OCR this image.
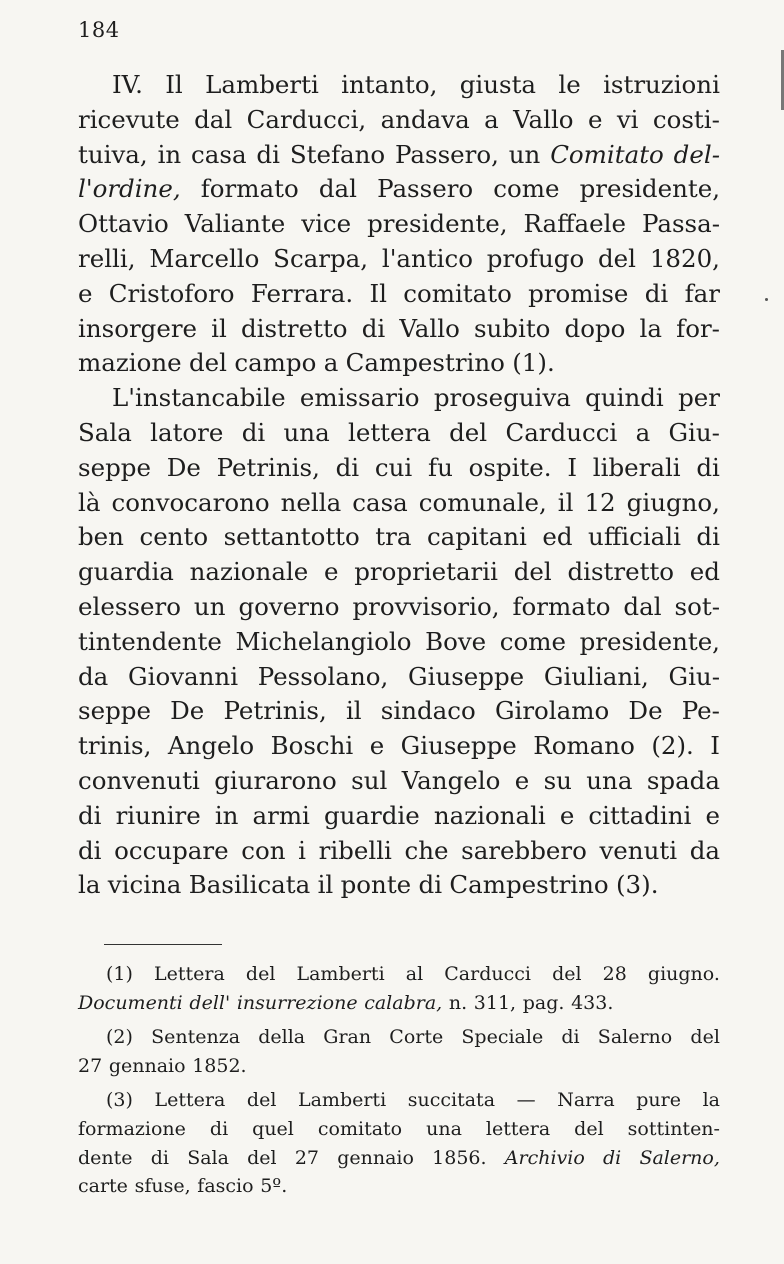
184
IV. Il Lamberti intanto, giusta le istruzioni
ricevute dal Carducci, andava a Vallo e vi costi-
tuiva, in casa di Stefano Passero, un Comitato del-
l'ordine, formato dal Passero come presidente,
Ottavio Valiante vice presidente, Raffaele Passa-
relli, Marcello Scarpa, l'antico profugo del 1820,
e Cristoforo Ferrara. Il comitato promise di far
insorgere il distretto di Vallo subito dopo la for-
mazione del campo a Campestrino (1).
L'instancabile emissario proseguiva quindi per
Sala latore di una lettera del Carducci a Giu-
seppe De Petrinis, di cui fu ospite. I liberali di
là convocarono nella casa comunale, il 12 giugno,
ben cento settantotto tra capitani ed ufficiali di
guardia nazionale e proprietarii del distretto ed
elessero un governo provvisorio, formato dal sot-
tintendente Michelangiolo Bove come presidente,
da Giovanni Pessolano, Giuseppe Giuliani, Giu-
seppe De Petrinis, il sindaco Girolamo De Pe-
trinis, Angelo Boschi e Giuseppe Romano (2). I
convenuti giurarono sul Vangelo e su una spada
di riunire in armi guardie nazionali e cittadini e
di occupare con i ribelli che sarebbero venuti da
la vicina Basilicata il ponte di Campestrino (3).
(1) Lettera del Lamberti al Carducci del 28 giugno.
Documenti dell' insurrezione calabra, n. 311, pag. 433.
(2) Sentenza della Gran Corte Speciale di Salerno del
27 gennaio 1852.
(3) Lettera del Lamberti succitata — Narra pure la
formazione di quel comitato una lettera del sottinten-
dente di Sala del 27 gennaio 1856. Archivio di Salerno,
carte sfuse, fascio 5º.
